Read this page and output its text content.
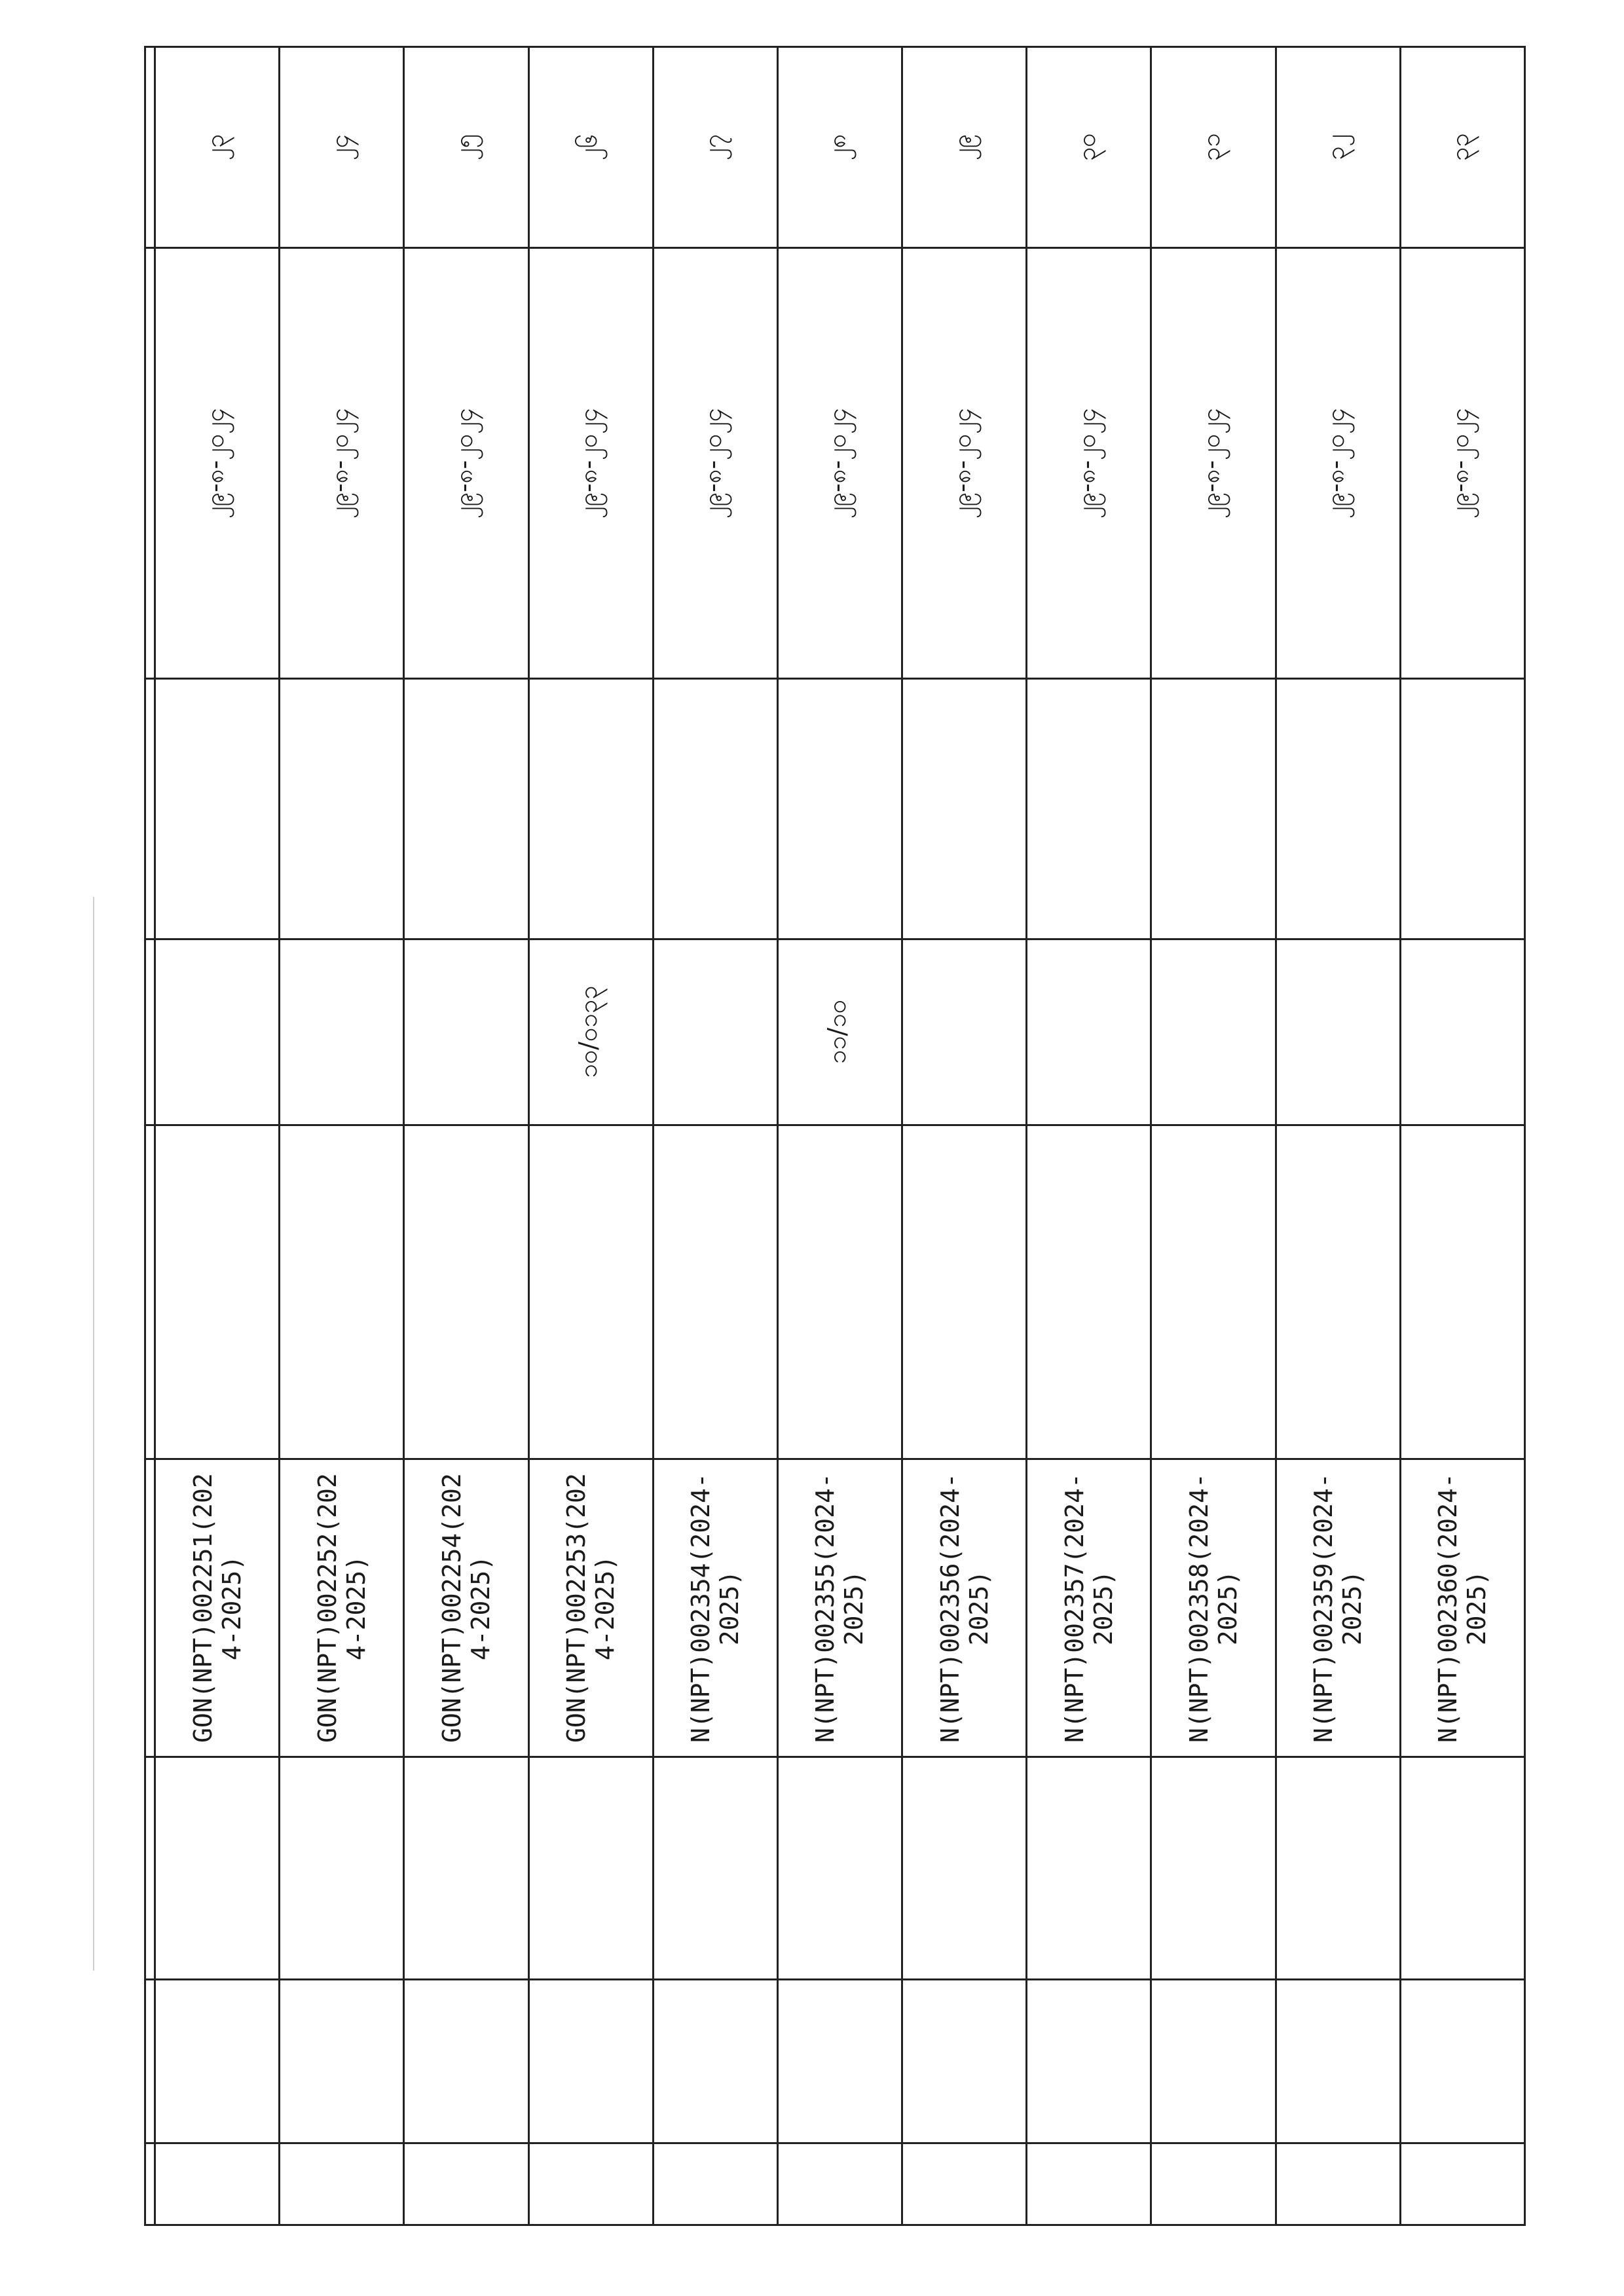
			GON(NPT)002251(2024-2025)				၂၉-၈-၂၀၂၄	၂၃
			GON(NPT)002252(2024-2025)				၂၉-၈-၂၀၂၄	၂၄
			GON(NPT)002254(2024-2025)				၂၉-၈-၂၀၂၄	၂၅
			GON(NPT)002253(2024-2025)		၁၀/၀၁၃၃		၂၉-၈-၂၀၂၄	၂၆
			N(NPT)002354(2024-2025)				၂၉-၈-၂၀၂၄	၂၇
			N(NPT)002355(2024-2025)		၁၁/၁၀		၂၉-၈-၂၀၂၄	၂၈
			N(NPT)002356(2024-2025)				၂၉-၈-၂၀၂၄	၂၉
			N(NPT)002357(2024-2025)				၂၉-၈-၂၀၂၄	၃၀
			N(NPT)002358(2024-2025)				၂၉-၈-၂၀၂၄	၃၁
			N(NPT)002359(2024-2025)				၂၉-၈-၂၀၂၄	၃၂
			N(NPT)002360(2024-2025)				၂၉-၈-၂၀၂၄	၃၃
